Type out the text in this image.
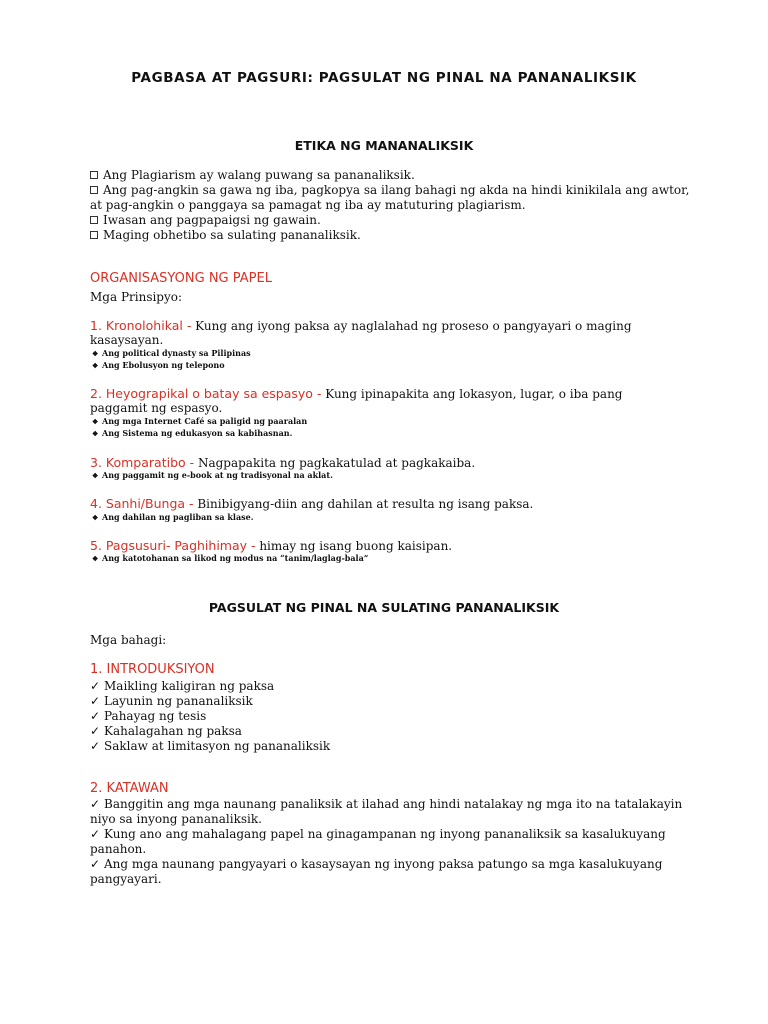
PAGBASA AT PAGSURI: PAGSULAT NG PINAL NA PANANALIKSIK
ETIKA NG MANANALIKSIK
Ang Plagiarism ay walang puwang sa pananaliksik.
Ang pag-angkin sa gawa ng iba, pagkopya sa ilang bahagi ng akda na hindi kinikilala ang awtor,
at pag-angkin o panggaya sa pamagat ng iba ay matuturing plagiarism.
Iwasan ang pagpapaigsi ng gawain.
Maging obhetibo sa sulating pananaliksik.
ORGANISASYONG NG PAPEL
Mga Prinsipyo:
1. Kronolohikal - Kung ang iyong paksa ay naglalahad ng proseso o pangyayari o maging
kasaysayan.
❖ Ang political dynasty sa Pilipinas
❖ Ang Ebolusyon ng telepono
2. Heyograpikal o batay sa espasyo - Kung ipinapakita ang lokasyon, lugar, o iba pang
paggamit ng espasyo.
❖ Ang mga Internet Café sa paligid ng paaralan
❖ Ang Sistema ng edukasyon sa kabihasnan.
3. Komparatibo - Nagpapakita ng pagkakatulad at pagkakaiba.
❖ Ang paggamit ng e-book at ng tradisyonal na aklat.
4. Sanhi/Bunga - Binibigyang-diin ang dahilan at resulta ng isang paksa.
❖ Ang dahilan ng pagliban sa klase.
5. Pagsusuri- Paghihimay - himay ng isang buong kaisipan.
❖ Ang katotohanan sa likod ng modus na “tanim/laglag-bala”
PAGSULAT NG PINAL NA SULATING PANANALIKSIK
Mga bahagi:
1. INTRODUKSIYON
✓ Maikling kaligiran ng paksa
✓ Layunin ng pananaliksik
✓ Pahayag ng tesis
✓ Kahalagahan ng paksa
✓ Saklaw at limitasyon ng pananaliksik
2. KATAWAN
✓ Banggitin ang mga naunang panaliksik at ilahad ang hindi natalakay ng mga ito na tatalakayin
niyo sa inyong pananaliksik.
✓ Kung ano ang mahalagang papel na ginagampanan ng inyong pananaliksik sa kasalukuyang
panahon.
✓ Ang mga naunang pangyayari o kasaysayan ng inyong paksa patungo sa mga kasalukuyang
pangyayari.
